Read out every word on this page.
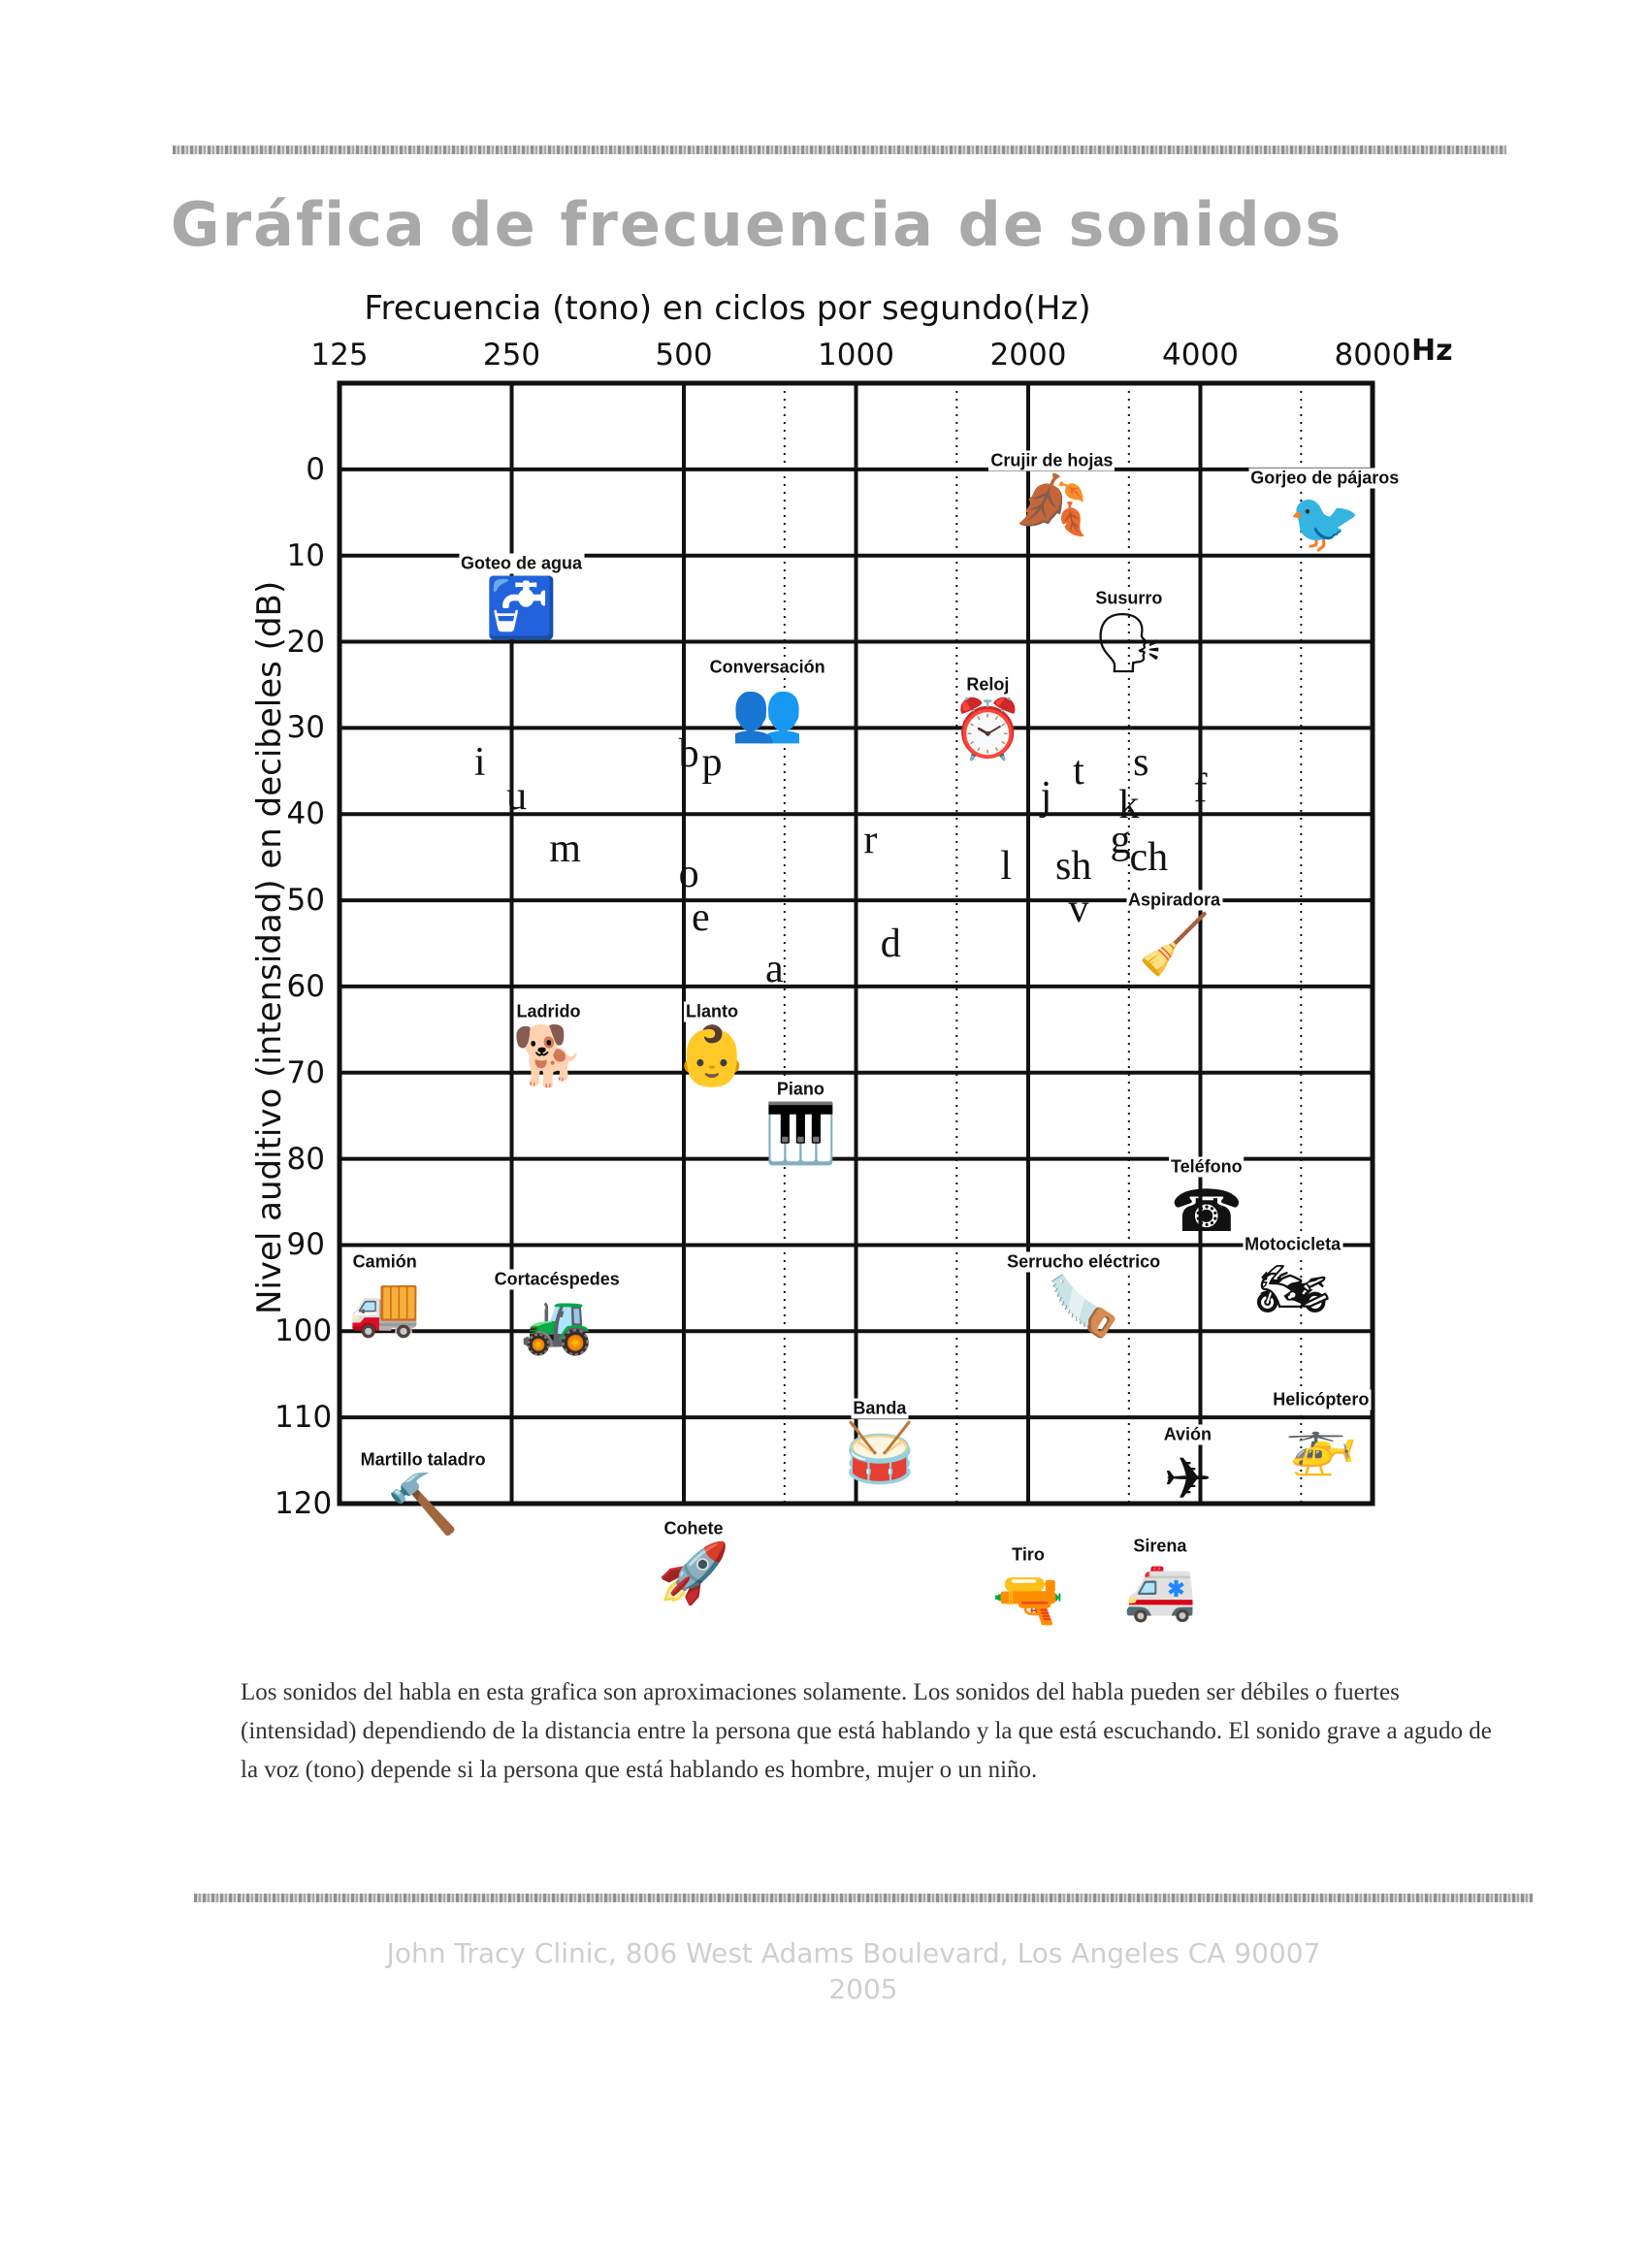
Gráfica de frecuencia de sonidos
Frecuencia (tono) en ciclos por segundo(Hz)
Nivel auditivo (intensidad) en decibeles (dB)
Hz
125	250	500	1000	2000	4000	8000
0
10
20
30
40
50
60
70
80
90
100
110
120
🍂
Crujir de hojas
🐦
Gorjeo de pájaros
🚰
Goteo de agua
🗣
Susurro
👥
Conversación
⏰
Reloj
🧹
Aspiradora
👶
Llanto
🐕
Ladrido
🎹
Piano
☎
Teléfono
🏍
Motocicleta
🪚
Serrucho eléctrico
🚚
Camión
🚜
Cortacéspedes
🚁
Helicóptero
🥁
Banda
✈
Avión
🔨
Martillo taladro
🚀
Cohete
🔫
Tiro
🚑
Sirena
i
u
m
b p
o
e
a
r
d
l
j
t s
f
k
g
sh ch
v
Los sonidos del habla en esta grafica son aproximaciones solamente. Los sonidos del habla pueden ser débiles o fuertes (intensidad) dependiendo de la distancia entre la persona que está hablando y la que está escuchando. El sonido grave a agudo de la voz (tono) depende si la persona que está hablando es hombre, mujer o un niño.
John Tracy Clinic, 806 West Adams Boulevard, Los Angeles CA 90007
2005
